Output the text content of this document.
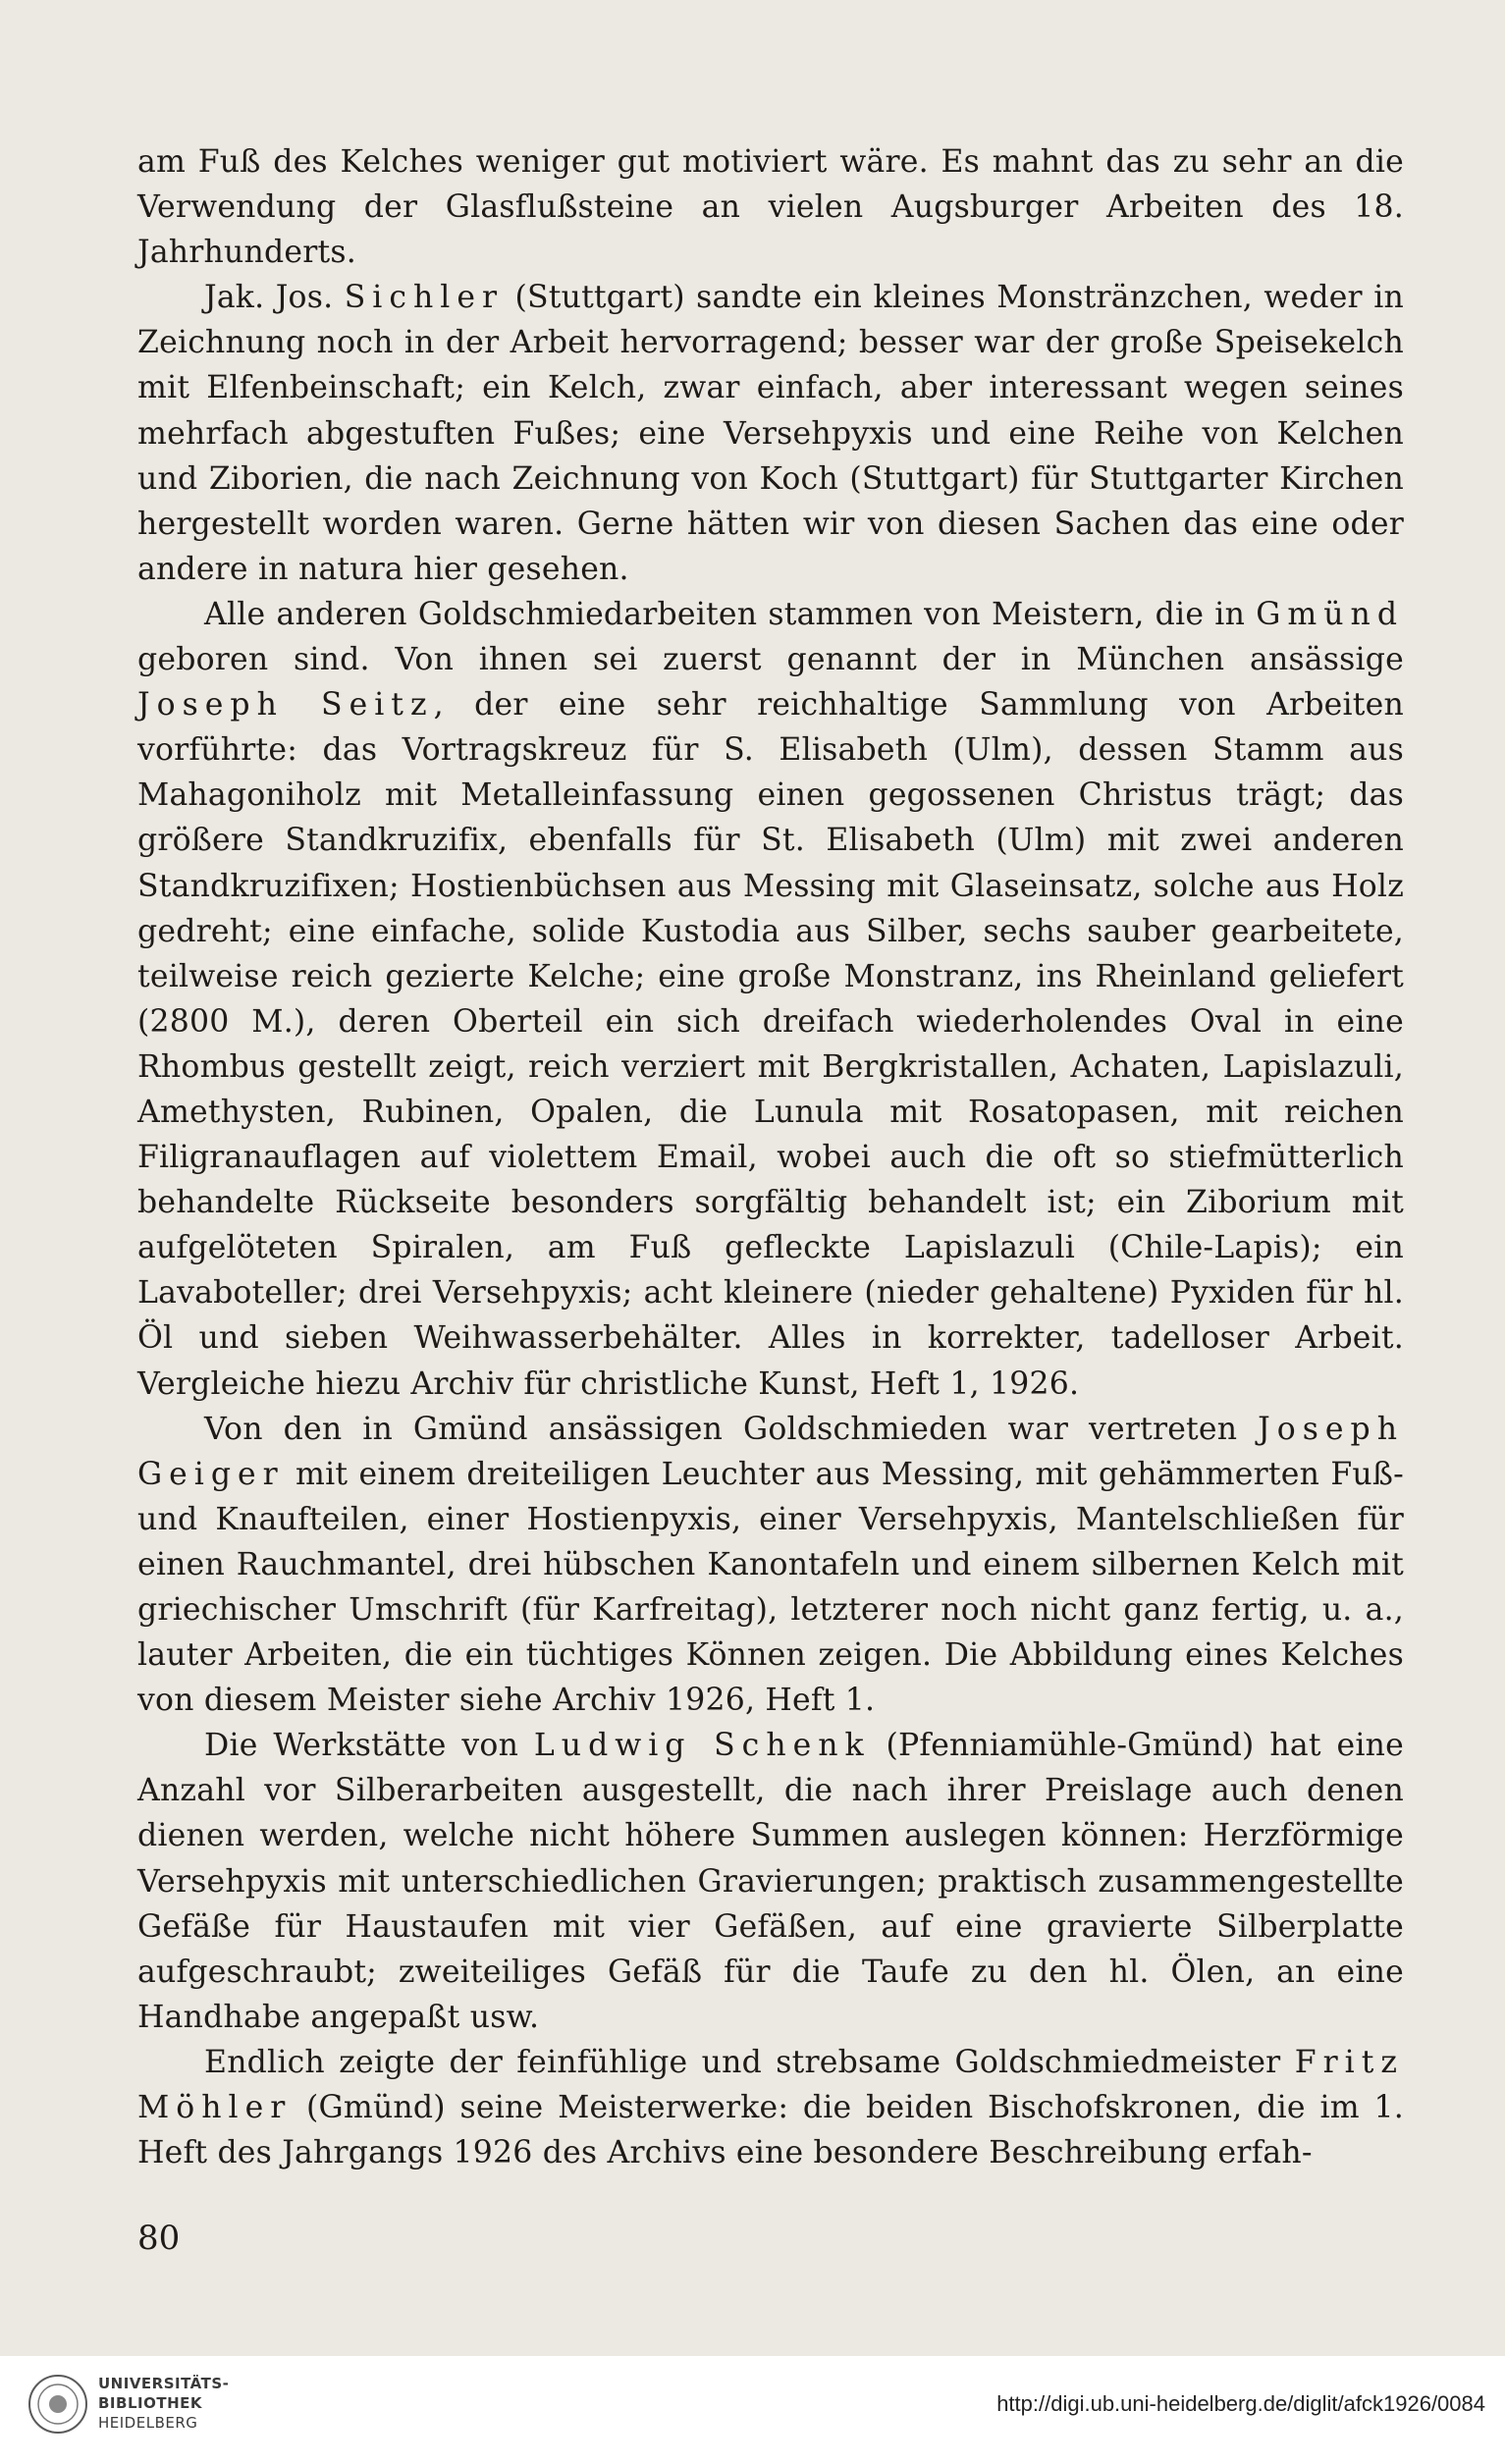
am Fuß des Kelches weniger gut motiviert wäre. Es mahnt das zu sehr an die Verwendung der Glasflußsteine an vielen Augsburger Arbeiten des 18. Jahrhunderts.

Jak. Jos. Sichler (Stuttgart) sandte ein kleines Monstränzchen, weder in Zeichnung noch in der Arbeit hervorragend; besser war der große Speisekelch mit Elfenbeinschaft; ein Kelch, zwar einfach, aber interessant wegen seines mehrfach abgestuften Fußes; eine Versehpyxis und eine Reihe von Kelchen und Ziborien, die nach Zeichnung von Koch (Stuttgart) für Stuttgarter Kirchen hergestellt worden waren. Gerne hätten wir von diesen Sachen das eine oder andere in natura hier gesehen.

Alle anderen Goldschmiedarbeiten stammen von Meistern, die in Gmünd geboren sind. Von ihnen sei zuerst genannt der in München ansässige Joseph Seitz, der eine sehr reichhaltige Sammlung von Arbeiten vorführte: das Vortragskreuz für S. Elisabeth (Ulm), dessen Stamm aus Mahagoniholz mit Metalleinfassung einen gegossenen Christus trägt; das größere Standkruzifix, ebenfalls für St. Elisabeth (Ulm) mit zwei anderen Standkruzifixen; Hostienbüchsen aus Messing mit Glaseinsatz, solche aus Holz gedreht; eine einfache, solide Kustodia aus Silber, sechs sauber gearbeitete, teilweise reich gezierte Kelche; eine große Monstranz, ins Rheinland geliefert (2800 M.), deren Oberteil ein sich dreifach wiederholendes Oval in eine Rhombus gestellt zeigt, reich verziert mit Bergkristallen, Achaten, Lapislazuli, Amethysten, Rubinen, Opalen, die Lunula mit Rosatopasen, mit reichen Filigranauflagen auf violettem Email, wobei auch die oft so stiefmütterlich behandelte Rückseite besonders sorgfältig behandelt ist; ein Ziborium mit aufgelöteten Spiralen, am Fuß gefleckte Lapislazuli (Chile-Lapis); ein Lavaboteller; drei Versehpyxis; acht kleinere (nieder gehaltene) Pyxiden für hl. Öl und sieben Weihwasserbehälter. Alles in korrekter, tadelloser Arbeit. Vergleiche hiezu Archiv für christliche Kunst, Heft 1, 1926.

Von den in Gmünd ansässigen Goldschmieden war vertreten Joseph Geiger mit einem dreiteiligen Leuchter aus Messing, mit gehämmerten Fuß- und Knaufteilen, einer Hostienpyxis, einer Versehpyxis, Mantelschließen für einen Rauchmantel, drei hübschen Kanontafeln und einem silbernen Kelch mit griechischer Umschrift (für Karfreitag), letzterer noch nicht ganz fertig, u. a., lauter Arbeiten, die ein tüchtiges Können zeigen. Die Abbildung eines Kelches von diesem Meister siehe Archiv 1926, Heft 1.

Die Werkstätte von Ludwig Schenk (Pfenniamühle-Gmünd) hat eine Anzahl vor Silberarbeiten ausgestellt, die nach ihrer Preislage auch denen dienen werden, welche nicht höhere Summen auslegen können: Herzförmige Versehpyxis mit unterschiedlichen Gravierungen; praktisch zusammengestellte Gefäße für Haustaufen mit vier Gefäßen, auf eine gravierte Silberplatte aufgeschraubt; zweiteiliges Gefäß für die Taufe zu den hl. Ölen, an eine Handhabe angepaßt usw.

Endlich zeigte der feinfühlige und strebsame Goldschmiedmeister Fritz Möhler (Gmünd) seine Meisterwerke: die beiden Bischofskronen, die im 1. Heft des Jahrgangs 1926 des Archivs eine besondere Beschreibung erfah-

80
UNIVERSITÄTS-
BIBLIOTHEK
HEIDELBERG
http://digi.ub.uni-heidelberg.de/diglit/afck1926/0084
